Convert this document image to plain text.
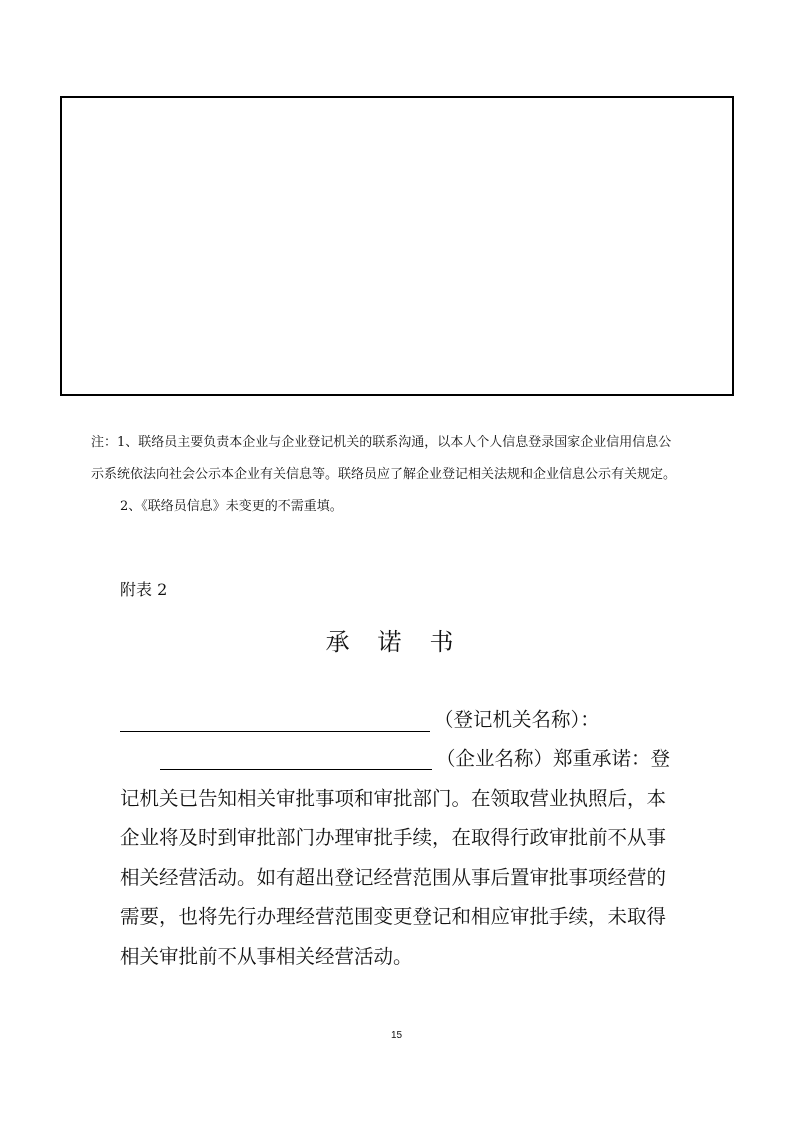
注：1、联络员主要负责本企业与企业登记机关的联系沟通，以本人个人信息登录国家企业信用信息公
示系统依法向社会公示本企业有关信息等。联络员应了解企业登记相关法规和企业信息公示有关规定。
2、《联络员信息》未变更的不需重填。
附表 2
承诺书
（登记机关名称）：
（企业名称）郑重承诺：登
记机关已告知相关审批事项和审批部门。在领取营业执照后，本
企业将及时到审批部门办理审批手续，在取得行政审批前不从事
相关经营活动。如有超出登记经营范围从事后置审批事项经营的
需要，也将先行办理经营范围变更登记和相应审批手续，未取得
相关审批前不从事相关经营活动。
15
